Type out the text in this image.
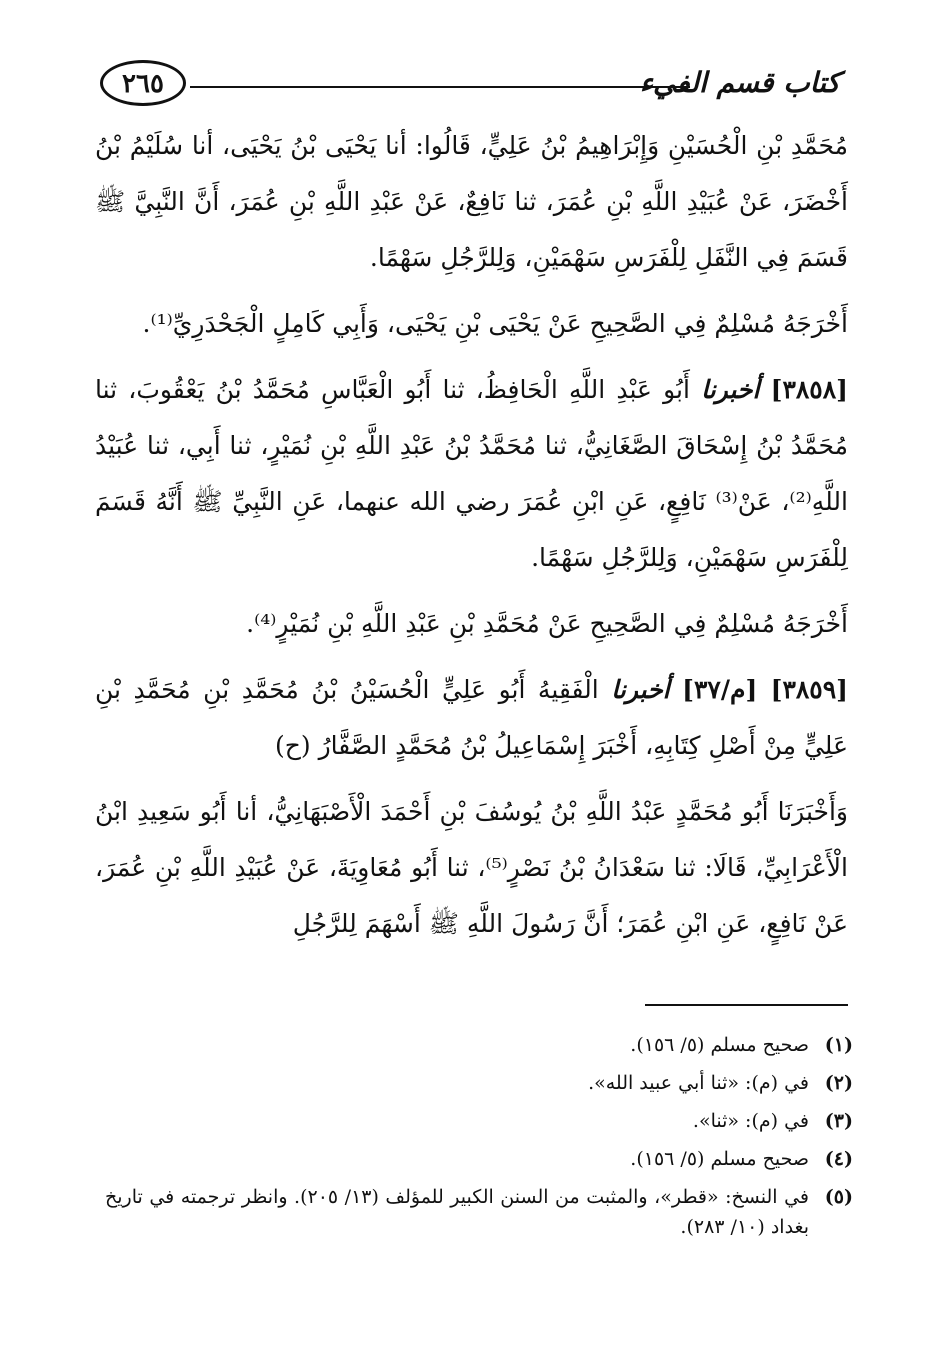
كتاب قسم الفيء
٢٦٥

مُحَمَّدِ بْنِ الْحُسَيْنِ وَإِبْرَاهِيمُ بْنُ عَلِيٍّ، قَالُوا: أنا يَحْيَى بْنُ يَحْيَى، أنا سُلَيْمُ بْنُ أَخْضَرَ، عَنْ عُبَيْدِ اللَّهِ بْنِ عُمَرَ، ثنا نَافِعٌ، عَنْ عَبْدِ اللَّهِ بْنِ عُمَرَ، أَنَّ النَّبِيَّ ﷺ قَسَمَ فِي النَّفَلِ لِلْفَرَسِ سَهْمَيْنِ، وَلِلرَّجُلِ سَهْمًا.

أَخْرَجَهُ مُسْلِمٌ فِي الصَّحِيحِ عَنْ يَحْيَى بْنِ يَحْيَى، وَأَبِي كَامِلٍ الْجَحْدَرِيِّ⁽¹⁾.

[٣٨٥٨] أخبرنا أَبُو عَبْدِ اللَّهِ الْحَافِظُ، ثنا أَبُو الْعَبَّاسِ مُحَمَّدُ بْنُ يَعْقُوبَ، ثنا مُحَمَّدُ بْنُ إِسْحَاقَ الصَّغَانِيُّ، ثنا مُحَمَّدُ بْنُ عَبْدِ اللَّهِ بْنِ نُمَيْرٍ، ثنا أَبِي، ثنا عُبَيْدُ اللَّهِ⁽²⁾، عَنْ⁽³⁾ نَافِعٍ، عَنِ ابْنِ عُمَرَ رضي الله عنهما، عَنِ النَّبِيِّ ﷺ أَنَّهُ قَسَمَ لِلْفَرَسِ سَهْمَيْنِ، وَلِلرَّجُلِ سَهْمًا.

أَخْرَجَهُ مُسْلِمٌ فِي الصَّحِيحِ عَنْ مُحَمَّدِ بْنِ عَبْدِ اللَّهِ بْنِ نُمَيْرٍ⁽⁴⁾.

[٣٨٥٩] [م/٣٧] أخبرنا الْفَقِيهُ أَبُو عَلِيٍّ الْحُسَيْنُ بْنُ مُحَمَّدِ بْنِ مُحَمَّدِ بْنِ عَلِيٍّ مِنْ أَصْلِ كِتَابِهِ، أَخْبَرَ إِسْمَاعِيلُ بْنُ مُحَمَّدٍ الصَّفَّارُ (ح)

وَأَخْبَرَنَا أَبُو مُحَمَّدٍ عَبْدُ اللَّهِ بْنُ يُوسُفَ بْنِ أَحْمَدَ الْأَصْبَهَانِيُّ، أنا أَبُو سَعِيدِ ابْنُ الْأَعْرَابِيِّ، قَالَا: ثنا سَعْدَانُ بْنُ نَصْرٍ⁽⁵⁾، ثنا أَبُو مُعَاوِيَةَ، عَنْ عُبَيْدِ اللَّهِ بْنِ عُمَرَ، عَنْ نَافِعٍ، عَنِ ابْنِ عُمَرَ؛ أَنَّ رَسُولَ اللَّهِ ﷺ أَسْهَمَ لِلرَّجُلِ

(١)
صحيح مسلم (٥/ ١٥٦).
(٢)
في (م): «ثنا أبي عبيد الله».
(٣)
في (م): «ثنا».
(٤)
صحيح مسلم (٥/ ١٥٦).
(٥)
في النسخ: «قطر»، والمثبت من السنن الكبير للمؤلف (١٣/ ٢٠٥). وانظر ترجمته في تاريخ بغداد (١٠/ ٢٨٣).
